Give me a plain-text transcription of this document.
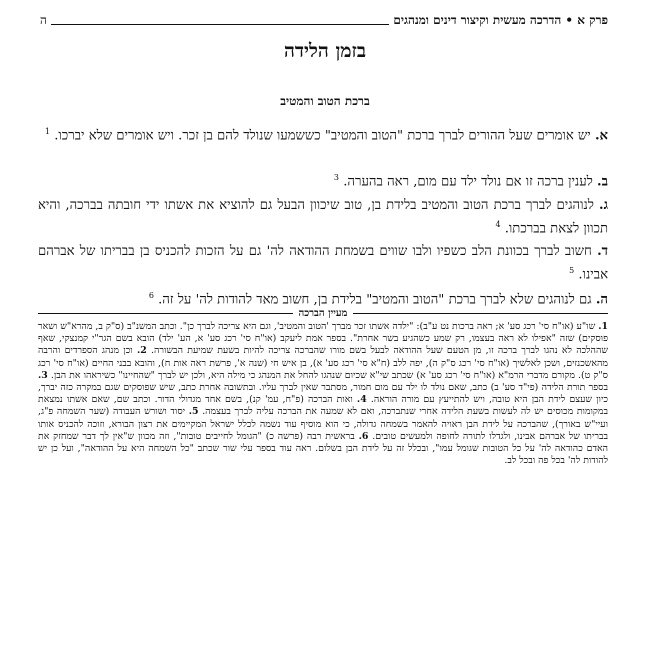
פרק א • הדרכה מעשית וקיצור דינים ומנהגים
ה
בזמן הלידה
ברכת הטוב והמטיב
א. יש אומרים שעל ההורים לברך ברכת "הטוב והמטיב" כששמעו שנולד להם בן זכר. ויש אומרים שלא יברכו. $^1$
ב. לענין ברכה זו אם נולד ילד עם מום, ראה בהערה. $^3$
ג. לנוהגים לברך ברכת הטוב והמטיב בלידת בן, טוב שיכוון הבעל גם להוציא את אשתו ידי חובתה בברכה, והיא תכוון לצאת בברכתו. $^4$
ד. חשוב לברך בכוונת הלב כשפיו ולבו שווים בשמחת ההודאה לה' גם על הזכות להכניס בן בבריתו של אברהם אבינו. $^5$
ה. גם לנוהגים שלא לברך ברכת "הטוב והמטיב" בלידת בן, חשוב מאד להודות לה' על זה. $^6$
מעיין הברכה
1. שו"ע (או"ח סי' רכג סע' א; ראה ברכות נט ע"ב): "ילדה אשתו זכר מברך 'הטוב והמטיב', וגם היא צריכה לברך כן". וכתב המשנ"ב (ס"ק ב, מהרא"ש ושאר פוסקים) שזה "אפילו לא ראה בעצמו, רק שמע כשהגיע בשר אחרת". בספר אמת ליעקב (או"ח סי' רכג סע' א, הע' ילד) הובא בשם הגר"י קמנצקי, שאף שההלכה לא נהגו לברך ברכה זו, מן הטעם שעל ההודאה לבעל בשם מורו שהברכה צריכה להיות בשעת שמיעת הבשורה. 2. וכן מנהג הספרדים והרבה מהאשכנזים, ושכן לאלשיך (או"ח סי' רכג ס"ק ה), יפה ללב (ח"א סי' רכג סע' א), בן איש חי (שנה א', פרשת ראה אות ח), והובא בבני החיים (או"ח סי' רכג ס"ק ט). מקורם מדברי הרמ"א (או"ח סי' רכג סע' א) שכתב שי"א שכיום שנהגו להחל את המנהג כי מילה היא, ולכן יש לברך "שהחיינו" כשיראהו את הבן. 3. בספר תורת הלידה (פי"ד סע' ב) כתב, שאם נולד לו ילד עם מום חמור, מסתבר שאין לברך עליו. ובתשובה אחרת כתב, שיש שפוסקים שגם במקרה כזה יברך, כיון שעצם לידת הבן היא טובה, ויש להתייעץ עם מורה הוראה. 4. ואות הברכה (פ"ח, עמ' קנ), בשם אחד מגדולי הדור. וכתב שם, שאם אשתו נמצאת במקומות מכוסים יש לה לעשות בשעת הלידה אחרי שנתברכה, ואם לא שמעה את הברכה עליה לברך בעצמה. 5. יסוד ושורש העבודה (שער השמחה פ"ג, ועיי"ש באורך), שהברכה על לידת הבן ראויה להאמר בשמחה גדולה, כי הוא מוסיף עוד נשמה לכלל ישראל המקיימים את רצון הבורא, וזוכה להכניס אותו בבריתו של אברהם אבינו, ולגדלו לתורה לחופה ולמעשים טובים. 6. בראשית רבה (פרשה כ) "הגומל לחייבים טובות", וזה מכוון ש"אין לך דבר שמחזק את האדם כהודאה לה' על כל הטובות שגומל עמו", ובכלל זה על לידת הבן בשלום. ראה עוד בספר עלי שור שכתב "כל השמחה היא על ההודאה", ועל כן יש להודות לה' בכל פה ובכל לב.
